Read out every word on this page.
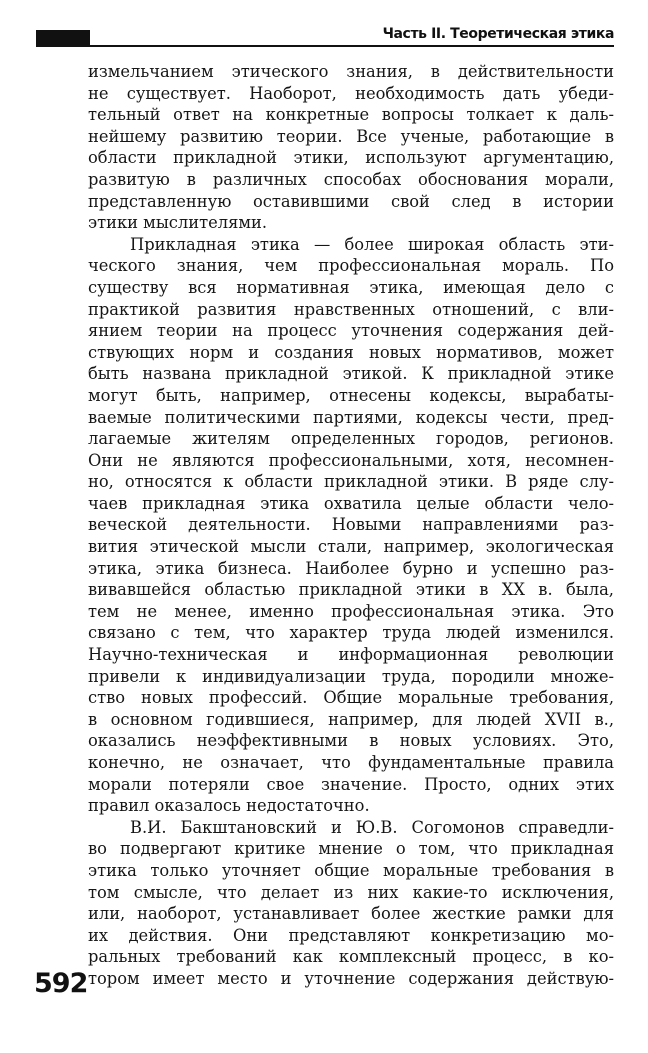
Часть II. Теоретическая этика
измельчанием этического знания, в действительности
не существует. Наоборот, необходимость дать убеди-
тельный ответ на конкретные вопросы толкает к даль-
нейшему развитию теории. Все ученые, работающие в
области прикладной этики, используют аргументацию,
развитую в различных способах обоснования морали,
представленную оставившими свой след в истории
этики мыслителями.
Прикладная этика — более широкая область эти-
ческого знания, чем профессиональная мораль. По
существу вся нормативная этика, имеющая дело с
практикой развития нравственных отношений, с вли-
янием теории на процесс уточнения содержания дей-
ствующих норм и создания новых нормативов, может
быть названа прикладной этикой. К прикладной этике
могут быть, например, отнесены кодексы, вырабаты-
ваемые политическими партиями, кодексы чести, пред-
лагаемые жителям определенных городов, регионов.
Они не являются профессиональными, хотя, несомнен-
но, относятся к области прикладной этики. В ряде слу-
чаев прикладная этика охватила целые области чело-
веческой деятельности. Новыми направлениями раз-
вития этической мысли стали, например, экологическая
этика, этика бизнеса. Наиболее бурно и успешно раз-
вивавшейся областью прикладной этики в XX в. была,
тем не менее, именно профессиональная этика. Это
связано с тем, что характер труда людей изменился.
Научно-техническая и информационная революции
привели к индивидуализации труда, породили множе-
ство новых профессий. Общие моральные требования,
в основном годившиеся, например, для людей XVII в.,
оказались неэффективными в новых условиях. Это,
конечно, не означает, что фундаментальные правила
морали потеряли свое значение. Просто, одних этих
правил оказалось недостаточно.
В.И. Бакштановский и Ю.В. Согомонов справедли-
во подвергают критике мнение о том, что прикладная
этика только уточняет общие моральные требования в
том смысле, что делает из них какие-то исключения,
или, наоборот, устанавливает более жесткие рамки для
их действия. Они представляют конкретизацию мо-
ральных требований как комплексный процесс, в ко-
тором имеет место и уточнение содержания действую-
592
